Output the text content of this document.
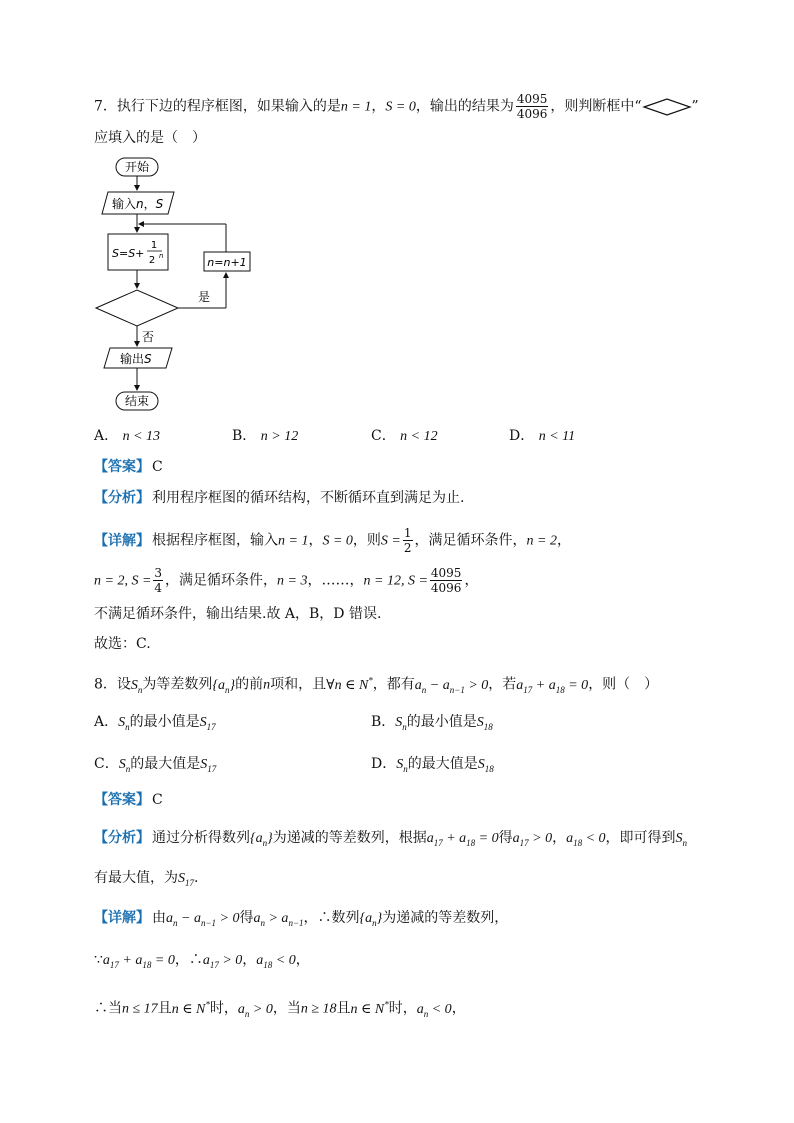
7．执行下边的程序框图，如果输入的是n = 1，S = 0，输出的结果为 $\frac{4095}{4096}$ ，则判断框中“	”
应填入的是（　）
开始
输入n，S
S=S+
1
2 n
是
n=n+1
否
输出S
结束
A． n < 13	B． n > 12	C． n < 12	D． n < 11
【答案】 C
【分析】 利用程序框图的循环结构，不断循环直到满足为止.
【详解】 根据程序框图，输入n = 1，S = 0，则$S = \frac{1}{2}$ ，满足循环条件，n = 2，
n = 2, $S = \frac{3}{4}$ ，满足循环条件，n = 3，……，n = 12, $S = \frac{4095}{4096}$ ，
不满足循环条件，输出结果.故 A，B，D 错误.
故选：C.
8．设$S_n$为等差数列$\{a_n\}$的前n项和，且∀n ∈ N*，都有$a_n - a_{n-1} > 0$，若$a_{17} + a_{18} = 0$，则（　）
A．$S_n$的最小值是$S_{17}$	B．$S_n$的最小值是$S_{18}$
C．$S_n$的最大值是$S_{17}$	D．$S_n$的最大值是$S_{18}$
【答案】 C
【分析】 通过分析得数列$\{a_n\}$为递减的等差数列，根据$a_{17} + a_{18} = 0$得$a_{17} > 0$，$a_{18} < 0$，即可得到$S_n$
有最大值，为$S_{17}$.
【详解】 由$a_n - a_{n-1} > 0$得$a_n > a_{n-1}$，∴数列$\{a_n\}$为递减的等差数列，
$\because a_{17} + a_{18} = 0$，$\therefore a_{17} > 0$，$a_{18} < 0$，
∴当n ≤ 17且n ∈ N*时，$a_n > 0$，当n ≥ 18且n ∈ N*时，$a_n < 0$，
